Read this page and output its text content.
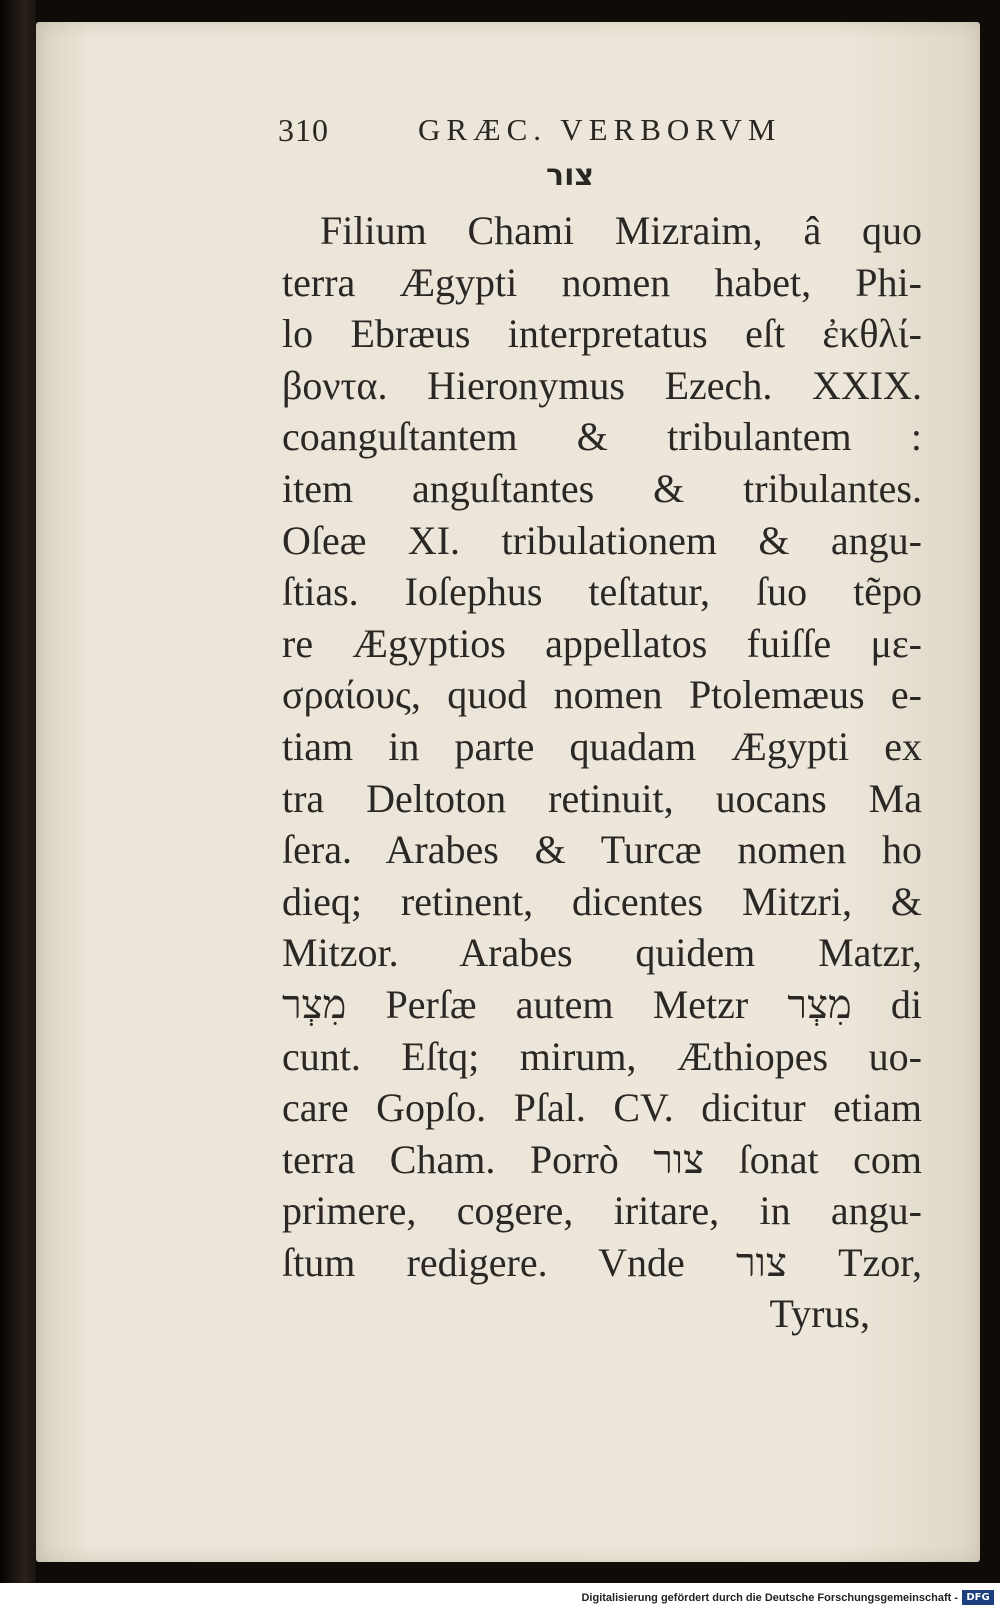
310	GRÆC. VERBORVM
צור
Filium Chami Mizraim, â quo
terra Ægypti nomen habet, Phi-
lo Ebræus interpretatus eſt ἐκθλί-
βοντα. Hieronymus Ezech. XXIX.
coanguſtantem & tribulantem :
item anguſtantes & tribulantes.
Oſeæ XI. tribulationem & angu-
ſtias. Ioſephus teſtatur, ſuo tẽpo
re Ægyptios appellatos fuiſſe με-
σραίους, quod nomen Ptolemæus e-
tiam in parte quadam Ægypti ex
tra Deltoton retinuit, uocans Ma
ſera. Arabes & Turcæ nomen ho
dieq; retinent, dicentes Mitzri, &
Mitzor. Arabes quidem Matzr,
מִצְר Perſæ autem Metzr מִצְר di
cunt. Eſtq; mirum, Æthiopes uo-
care Gopſo. Pſal. CV. dicitur etiam
terra Cham. Porrò צור ſonat com
primere, cogere, iritare, in angu-
ſtum redigere. Vnde צור Tzor,
Tyrus,
Digitalisierung gefördert durch die Deutsche Forschungsgemeinschaft - DFG
